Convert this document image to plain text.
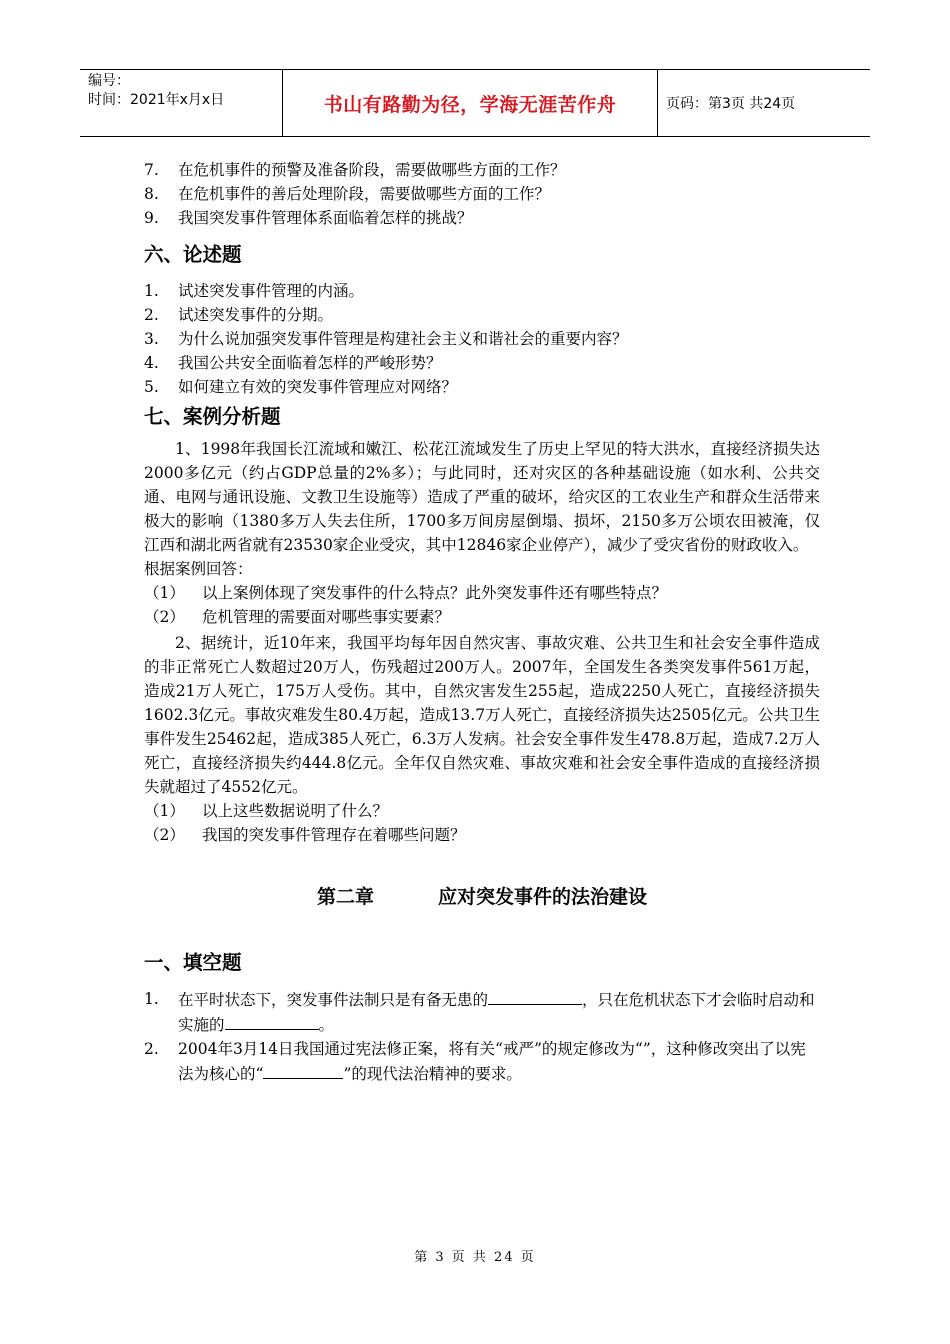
编号：
时间：2021年x月x日	书山有路勤为径，学海无涯苦作舟	页码：第3页 共24页
7.	在危机事件的预警及准备阶段，需要做哪些方面的工作？
8.	在危机事件的善后处理阶段，需要做哪些方面的工作？
9.	我国突发事件管理体系面临着怎样的挑战？
六、论述题
1.	试述突发事件管理的内涵。
2.	试述突发事件的分期。
3.	为什么说加强突发事件管理是构建社会主义和谐社会的重要内容？
4.	我国公共安全面临着怎样的严峻形势？
5.	如何建立有效的突发事件管理应对网络？
七、案例分析题

1、1998年我国长江流域和嫩江、松花江流域发生了历史上罕见的特大洪水，直接经济损失达2000多亿元（约占GDP总量的2%多）；与此同时，还对灾区的各种基础设施（如水利、公共交通、电网与通讯设施、文教卫生设施等）造成了严重的破坏，给灾区的工农业生产和群众生活带来极大的影响（1380多万人失去住所，1700多万间房屋倒塌、损坏，2150多万公顷农田被淹，仅江西和湖北两省就有23530家企业受灾，其中12846家企业停产），减少了受灾省份的财政收入。

根据案例回答：

（1）	以上案例体现了突发事件的什么特点？此外突发事件还有哪些特点？
（2）	危机管理的需要面对哪些事实要素？

2、据统计，近10年来，我国平均每年因自然灾害、事故灾难、公共卫生和社会安全事件造成的非正常死亡人数超过20万人，伤残超过200万人。2007年，全国发生各类突发事件561万起，造成21万人死亡，175万人受伤。其中，自然灾害发生255起，造成2250人死亡，直接经济损失1602.3亿元。事故灾难发生80.4万起，造成13.7万人死亡，直接经济损失达2505亿元。公共卫生事件发生25462起，造成385人死亡，6.3万人发病。社会安全事件发生478.8万起，造成7.2万人死亡，直接经济损失约444.8亿元。全年仅自然灾难、事故灾难和社会安全事件造成的直接经济损失就超过了4552亿元。

（1）	以上这些数据说明了什么？
（2）	我国的突发事件管理存在着哪些问题？
第二章	应对突发事件的法治建设
一、填空题
1.	在平时状态下，突发事件法制只是有备无患的	，只在危机状态下才会临时启动和实施的	。
2.	2004年3月14日我国通过宪法修正案，将有关“戒严”的规定修改为“”，这种修改突出了以宪法为核心的“	”的现代法治精神的要求。
第 3 页 共 24 页
